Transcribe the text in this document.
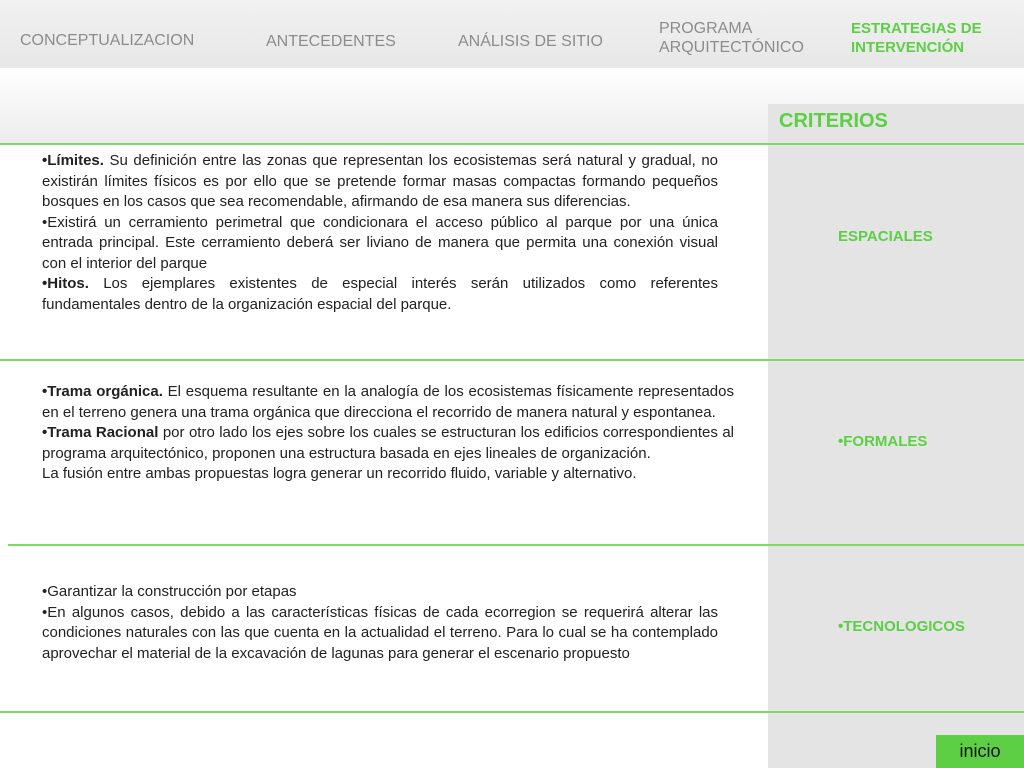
CONCEPTUALIZACION	ANTECEDENTES	ANÁLISIS DE SITIO
PROGRAMA
ARQUITECTÓNICO
ESTRATEGIAS DE
INTERVENCIÓN
CRITERIOS

•Límites. Su definición entre las zonas que representan los ecosistemas será natural y gradual, no existirán límites físicos es por ello que se pretende formar masas compactas formando pequeños bosques en los casos que sea recomendable, afirmando de esa manera sus diferencias.

•Existirá un cerramiento perimetral que condicionara el acceso público al parque por una única entrada principal. Este cerramiento deberá ser liviano de manera que permita una conexión visual con el interior del parque

•Hitos. Los ejemplares existentes de especial interés serán utilizados como referentes fundamentales dentro de la organización espacial del parque.

ESPACIALES

•Trama orgánica. El esquema resultante en la analogía de los ecosistemas físicamente representados en el terreno genera una trama orgánica que direcciona el recorrido de manera natural y espontanea.

•Trama Racional por otro lado los ejes sobre los cuales se estructuran los edificios correspondientes al programa arquitectónico, proponen una estructura basada en ejes lineales de organización.

La fusión entre ambas propuestas logra generar un recorrido fluido, variable y alternativo.

•FORMALES

•Garantizar la construcción por etapas

•En algunos casos, debido a las características físicas de cada ecorregion se requerirá alterar las condiciones naturales con las que cuenta en la actualidad el terreno. Para lo cual se ha contemplado aprovechar el material de la excavación de lagunas para generar el escenario propuesto

•TECNOLOGICOS
inicio
